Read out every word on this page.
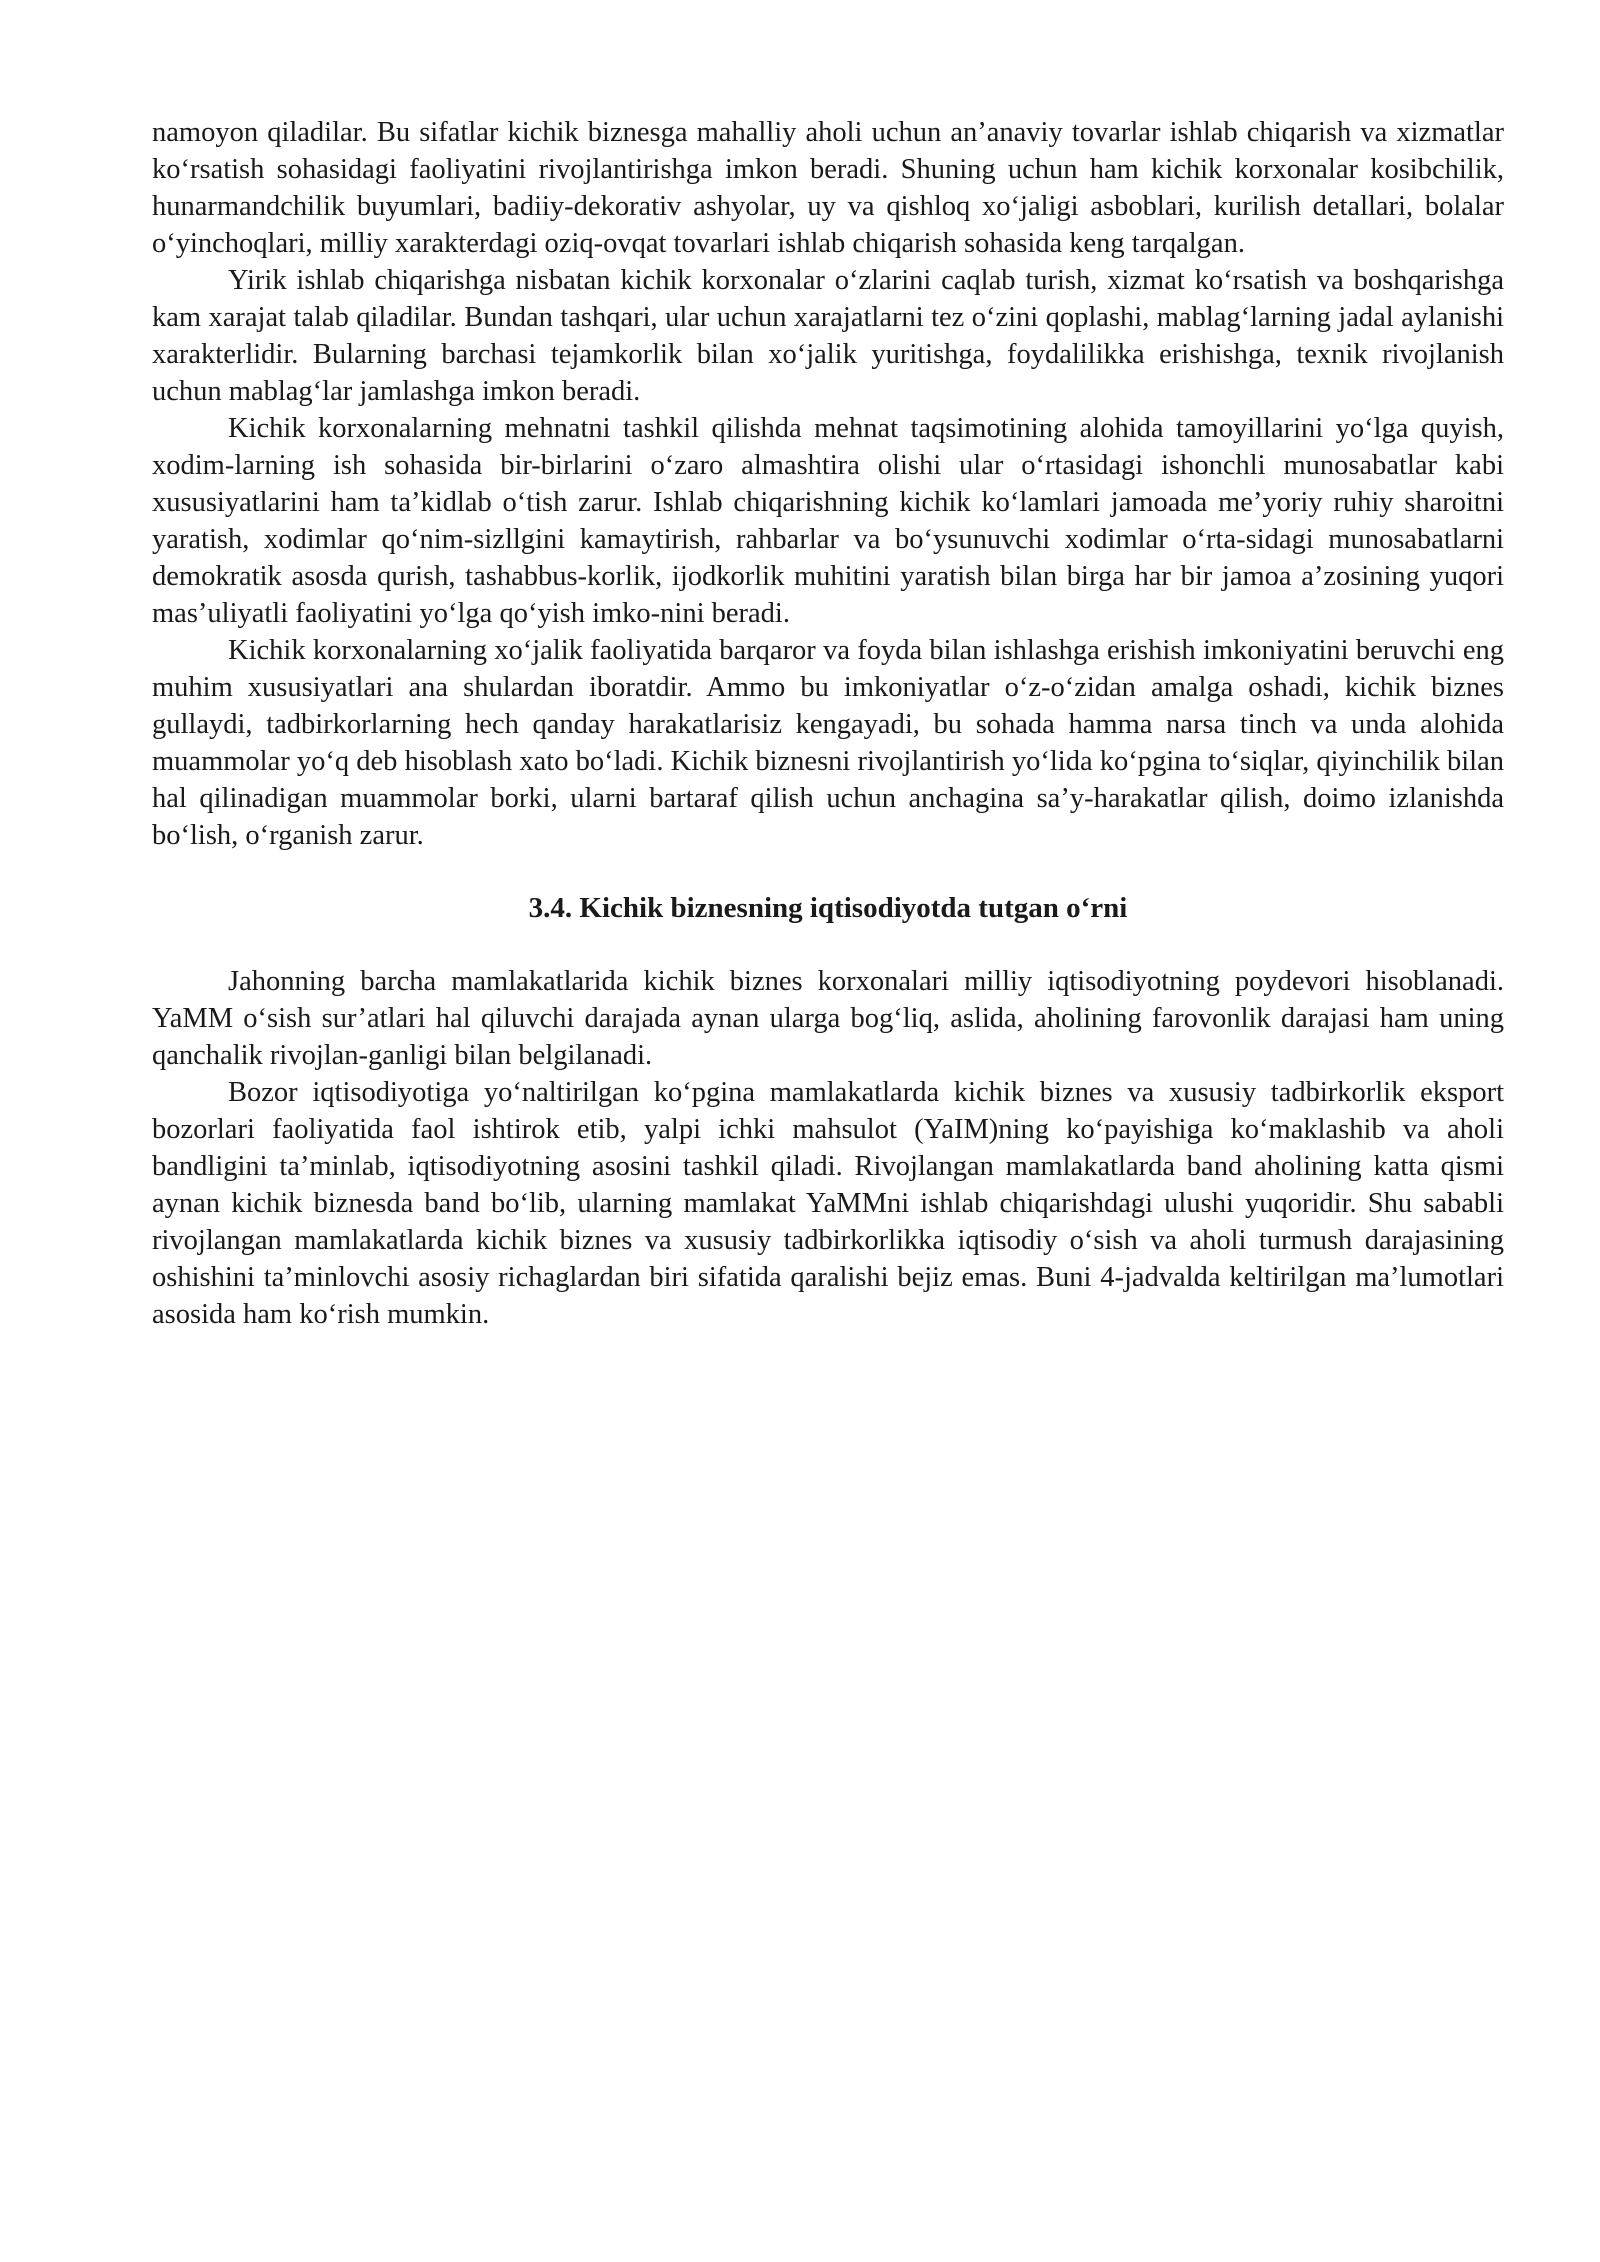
namoyon qiladilar. Bu sifatlar kichik biznesga mahalliy aholi uchun an’anaviy tovarlar ishlab chiqarish va xizmatlar ko‘rsatish sohasidagi faoliyatini rivojlantirishga imkon beradi. Shuning uchun ham kichik korxonalar kosibchilik, hunarmandchilik buyumlari, badiiy-dekorativ ashyolar, uy va qishloq xo‘jaligi asboblari, kurilish detallari, bolalar o‘yinchoqlari, milliy xarakterdagi oziq-ovqat tovarlari ishlab chiqarish sohasida keng tarqalgan.

Yirik ishlab chiqarishga nisbatan kichik korxonalar o‘zlarini caqlab turish, xizmat ko‘rsatish va boshqarishga kam xarajat talab qiladilar. Bundan tashqari, ular uchun xarajatlarni tez o‘zini qoplashi, mablag‘larning jadal aylanishi xarakterlidir. Bularning barchasi tejamkorlik bilan xo‘jalik yuritishga, foydalilikka erishishga, texnik rivojlanish uchun mablag‘lar jamlashga imkon beradi.

Kichik korxonalarning mehnatni tashkil qilishda mehnat taqsimotining alohida tamoyillarini yo‘lga quyish, xodim-larning ish sohasida bir-birlarini o‘zaro almashtira olishi ular o‘rtasidagi ishonchli munosabatlar kabi xususiyatlarini ham ta’kidlab o‘tish zarur. Ishlab chiqarishning kichik ko‘lamlari jamoada me’yoriy ruhiy sharoitni yaratish, xodimlar qo‘nim-sizllgini kamaytirish, rahbarlar va bo‘ysunuvchi xodimlar o‘rta-sidagi munosabatlarni demokratik asosda qurish, tashabbus-korlik, ijodkorlik muhitini yaratish bilan birga har bir jamoa a’zosining yuqori mas’uliyatli faoliyatini yo‘lga qo‘yish imko-nini beradi.

Kichik korxonalarning xo‘jalik faoliyatida barqaror va foyda bilan ishlashga erishish imkoniyatini beruvchi eng muhim xususiyatlari ana shulardan iboratdir. Ammo bu imkoniyatlar o‘z-o‘zidan amalga oshadi, kichik biznes gullaydi, tadbirkorlarning hech qanday harakatlarisiz kengayadi, bu sohada hamma narsa tinch va unda alohida muammolar yo‘q deb hisoblash xato bo‘ladi. Kichik biznesni rivojlantirish yo‘lida ko‘pgina to‘siqlar, qiyinchilik bilan hal qilinadigan muammolar borki, ularni bartaraf qilish uchun anchagina sa’y-harakatlar qilish, doimo izlanishda bo‘lish, o‘rganish zarur.

3.4. Kichik biznesning iqtisodiyotda tutgan o‘rni

Jahonning barcha mamlakatlarida kichik biznes korxonalari milliy iqtisodiyotning poydevori hisoblanadi. YaMM o‘sish sur’atlari hal qiluvchi darajada aynan ularga bog‘liq, aslida, aholining farovonlik darajasi ham uning qanchalik rivojlan-ganligi bilan belgilanadi.

Bozor iqtisodiyotiga yo‘naltirilgan ko‘pgina mamlakatlarda kichik biznes va xususiy tadbirkorlik eksport bozorlari faoliyatida faol ishtirok etib, yalpi ichki mahsulot (YaIM)ning ko‘payishiga ko‘maklashib va aholi bandligini ta’minlab, iqtisodiyotning asosini tashkil qiladi. Rivojlangan mamlakatlarda band aholining katta qismi aynan kichik biznesda band bo‘lib, ularning mamlakat YaMMni ishlab chiqarishdagi ulushi yuqoridir. Shu sababli rivojlangan mamlakatlarda kichik biznes va xususiy tadbirkorlikka iqtisodiy o‘sish va aholi turmush darajasining oshishini ta’minlovchi asosiy richaglardan biri sifatida qaralishi bejiz emas. Buni 4-jadvalda keltirilgan ma’lumotlari asosida ham ko‘rish mumkin.
